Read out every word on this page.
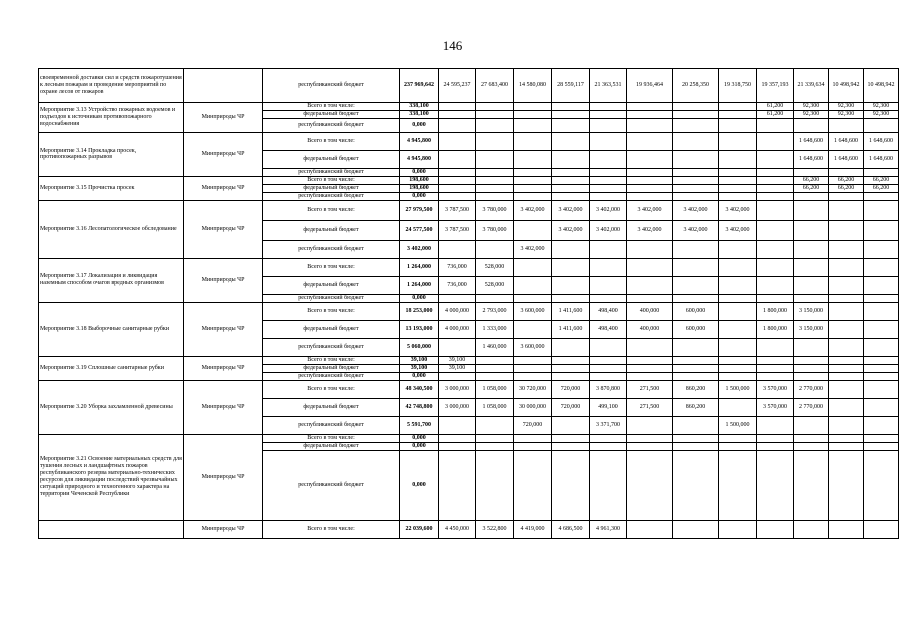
146
своевременной доставки сил и средств пожаротушения к лесным пожарам и проведение мероприятий по охране лесов от пожаров		республиканский бюджет	237 969,642	24 595,237	27 683,400	14 580,080	28 559,117	21 363,531	19 936,464	20 258,350	19 318,750	19 357,193	21 339,634	10 498,942	10 498,942
Мероприятие 3.13 Устройство пожарных водоемов и подъездов к источникам противопожарного водоснабжения	Минприроды ЧР	Всего в том числе:	338,100									61,200	92,300	92,300	92,300
		федеральный бюджет	338,100									61,200	92,300	92,300	92,300
		республиканский бюджет	0,000												
Мероприятие 3.14 Прокладка просек, противопожарных разрывов	Минприроды ЧР	Всего в том числе:	4 945,800										1 648,600	1 648,600	1 648,600
		федеральный бюджет	4 945,800										1 648,600	1 648,600	1 648,600
		республиканский бюджет	0,000												
Мероприятие 3.15 Прочистка просек	Минприроды ЧР	Всего в том числе:	198,600										66,200	66,200	66,200
		федеральный бюджет	198,600										66,200	66,200	66,200
		республиканский бюджет	0,000												
Мероприятие 3.16 Лесопатологическое обследование	Минприроды ЧР	Всего в том числе:	27 979,500	3 787,500	3 780,000	3 402,000	3 402,000	3 402,000	3 402,000	3 402,000	3 402,000				
		федеральный бюджет	24 577,500	3 787,500	3 780,000		3 402,000	3 402,000	3 402,000	3 402,000	3 402,000				
		республиканский бюджет	3 402,000			3 402,000									
Мероприятие 3.17 Локализация и ликвидация наземным способом очагов вредных организмов	Минприроды ЧР	Всего в том числе:	1 264,000	736,000	528,000										
		федеральный бюджет	1 264,000	736,000	528,000										
		республиканский бюджет	0,000												
Мероприятие 3.18 Выборочные санитарные рубки	Минприроды ЧР	Всего в том числе:	18 253,000	4 000,000	2 793,000	3 600,000	1 411,600	498,400	400,000	600,000		1 800,000	3 150,000		
		федеральный бюджет	13 193,000	4 000,000	1 333,000		1 411,600	498,400	400,000	600,000		1 800,000	3 150,000		
		республиканский бюджет	5 060,000		1 460,000	3 600,000									
Мероприятие 3.19 Сплошные санитарные рубки	Минприроды ЧР	Всего в том числе:	39,100	39,100											
		федеральный бюджет	39,100	39,100											
		республиканский бюджет	0,000												
Мероприятие 3.20 Уборка захламленной древесины	Минприроды ЧР	Всего в том числе:	48 340,500	3 000,000	1 058,000	30 720,000	720,000	3 870,800	271,500	860,200	1 500,000	3 570,000	2 770,000		
		федеральный бюджет	42 748,800	3 000,000	1 058,000	30 000,000	720,000	499,100	271,500	860,200		3 570,000	2 770,000		
		республиканский бюджет	5 591,700			720,000		3 371,700			1 500,000				
Мероприятие 3.21 Освоение материальных средств для тушения лесных и ландшафтных пожаров республиканского резерва материально-технических ресурсов для ликвидации последствий чрезвычайных ситуаций природного и техногенного характера на территории Чеченской Республики	Минприроды ЧР	Всего в том числе:	0,000												
		федеральный бюджет	0,000												
		республиканский бюджет	0,000												
	Минприроды ЧР	Всего в том числе:	22 039,600	4 450,000	3 522,800	4 419,000	4 686,500	4 961,300							
